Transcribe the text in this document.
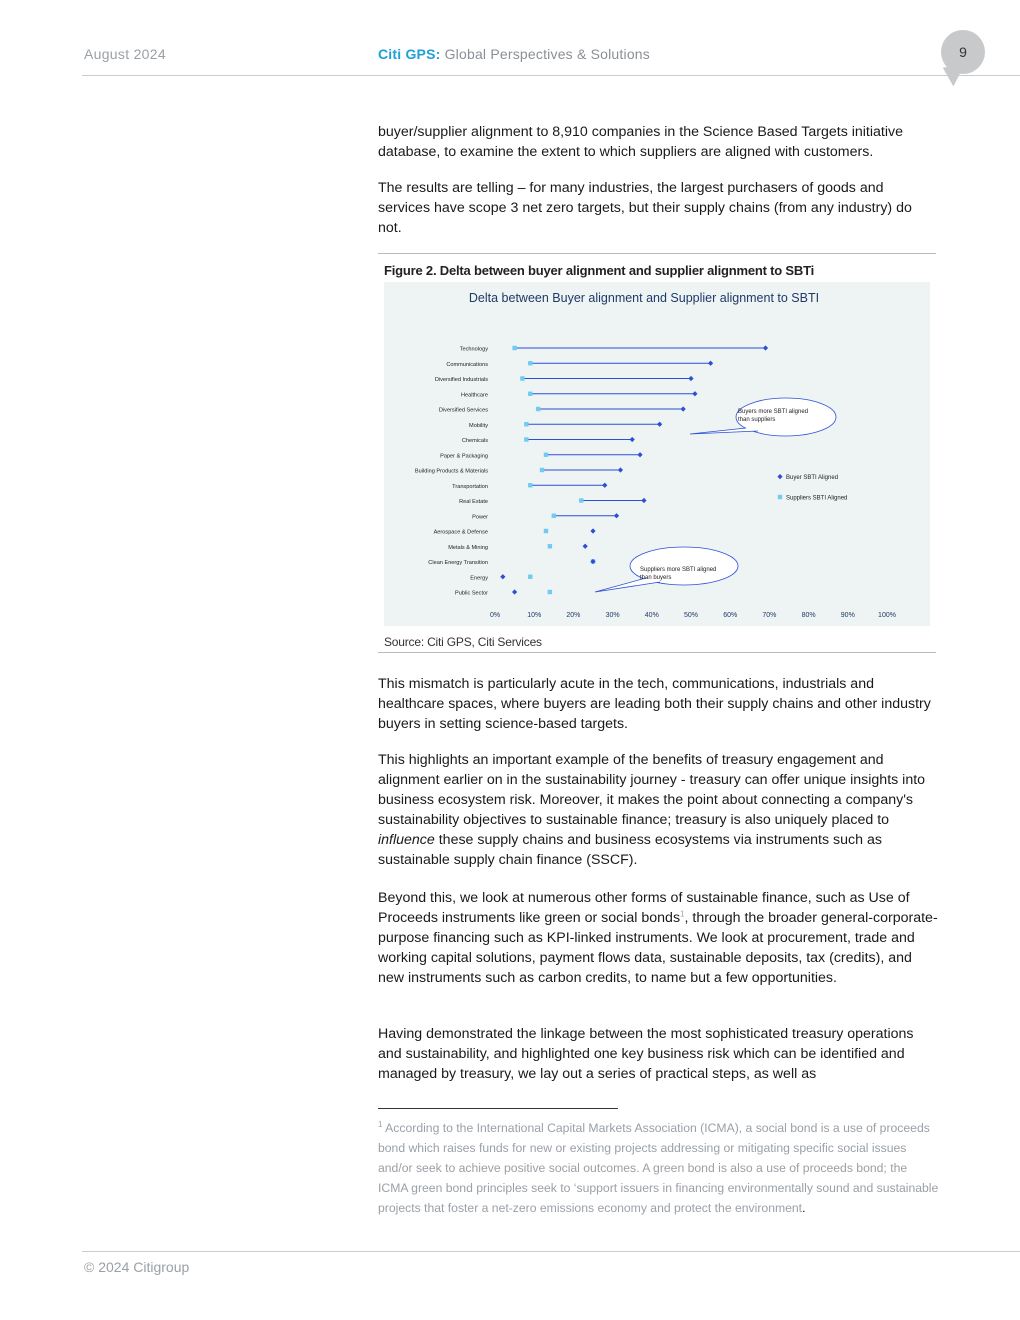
August 2024	Citi GPS: Global Perspectives & Solutions	9

buyer/supplier alignment to 8,910 companies in the Science Based Targets initiative database, to examine the extent to which suppliers are aligned with customers.

The results are telling – for many industries, the largest purchasers of goods and services have scope 3 net zero targets, but their supply chains (from any industry) do not.

Figure 2. Delta between buyer alignment and supplier alignment to SBTi
Delta between Buyer alignment and Supplier alignment to SBTI
Technology
Communications
Diversified Industrials
Healthcare
Diversified Services
Mobility
Chemicals
Paper & Packaging
Building Products & Materials
Transportation
Real Estate
Power
Aerospace & Defense
Metals & Mining
Clean Energy Transition
Energy
Public Sector
0%	10%	20%	30%	40%	50%	60%	70%	80%	90%	100%
Buyer SBTI Aligned
Suppliers SBTI Aligned
Buyers more SBTI aligned
than suppliers
Suppliers more SBTI aligned
than buyers
Source: Citi GPS, Citi Services

This mismatch is particularly acute in the tech, communications, industrials and healthcare spaces, where buyers are leading both their supply chains and other industry buyers in setting science-based targets.

This highlights an important example of the benefits of treasury engagement and alignment earlier on in the sustainability journey - treasury can offer unique insights into business ecosystem risk. Moreover, it makes the point about connecting a company's sustainability objectives to sustainable finance; treasury is also uniquely placed to influence these supply chains and business ecosystems via instruments such as sustainable supply chain finance (SSCF).

Beyond this, we look at numerous other forms of sustainable finance, such as Use of Proceeds instruments like green or social bonds$^1$, through the broader general-corporate-purpose financing such as KPI-linked instruments. We look at procurement, trade and working capital solutions, payment flows data, sustainable deposits, tax (credits), and new instruments such as carbon credits, to name but a few opportunities.

Having demonstrated the linkage between the most sophisticated treasury operations and sustainability, and highlighted one key business risk which can be identified and managed by treasury, we lay out a series of practical steps, as well as

$^1$ According to the International Capital Markets Association (ICMA), a social bond is a use of proceeds bond which raises funds for new or existing projects addressing or mitigating specific social issues and/or seek to achieve positive social outcomes. A green bond is also a use of proceeds bond; the ICMA green bond principles seek to ‘support issuers in financing environmentally sound and sustainable projects that foster a net-zero emissions economy and protect the environment.
© 2024 Citigroup
